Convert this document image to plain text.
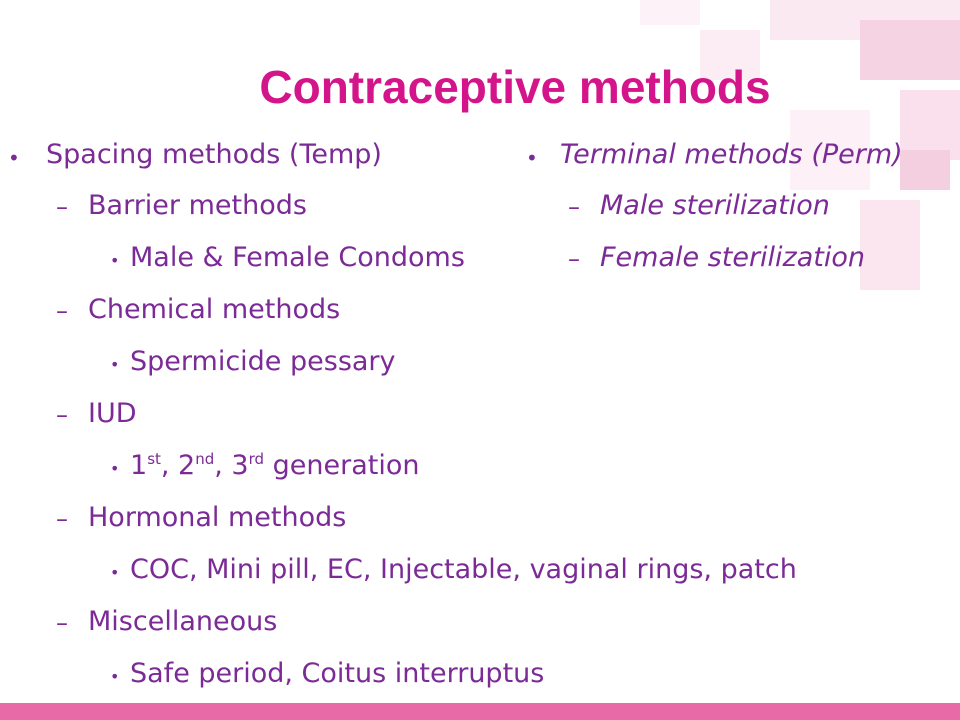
Contraceptive methods
• Spacing methods (Temp)
– Barrier methods
• Male & Female Condoms
– Chemical methods
• Spermicide pessary
– IUD
• 1st, 2nd, 3rd generation
– Hormonal methods
• COC, Mini pill, EC, Injectable, vaginal rings, patch
– Miscellaneous
• Safe period, Coitus interruptus
• Terminal methods (Perm)
– Male sterilization
– Female sterilization
